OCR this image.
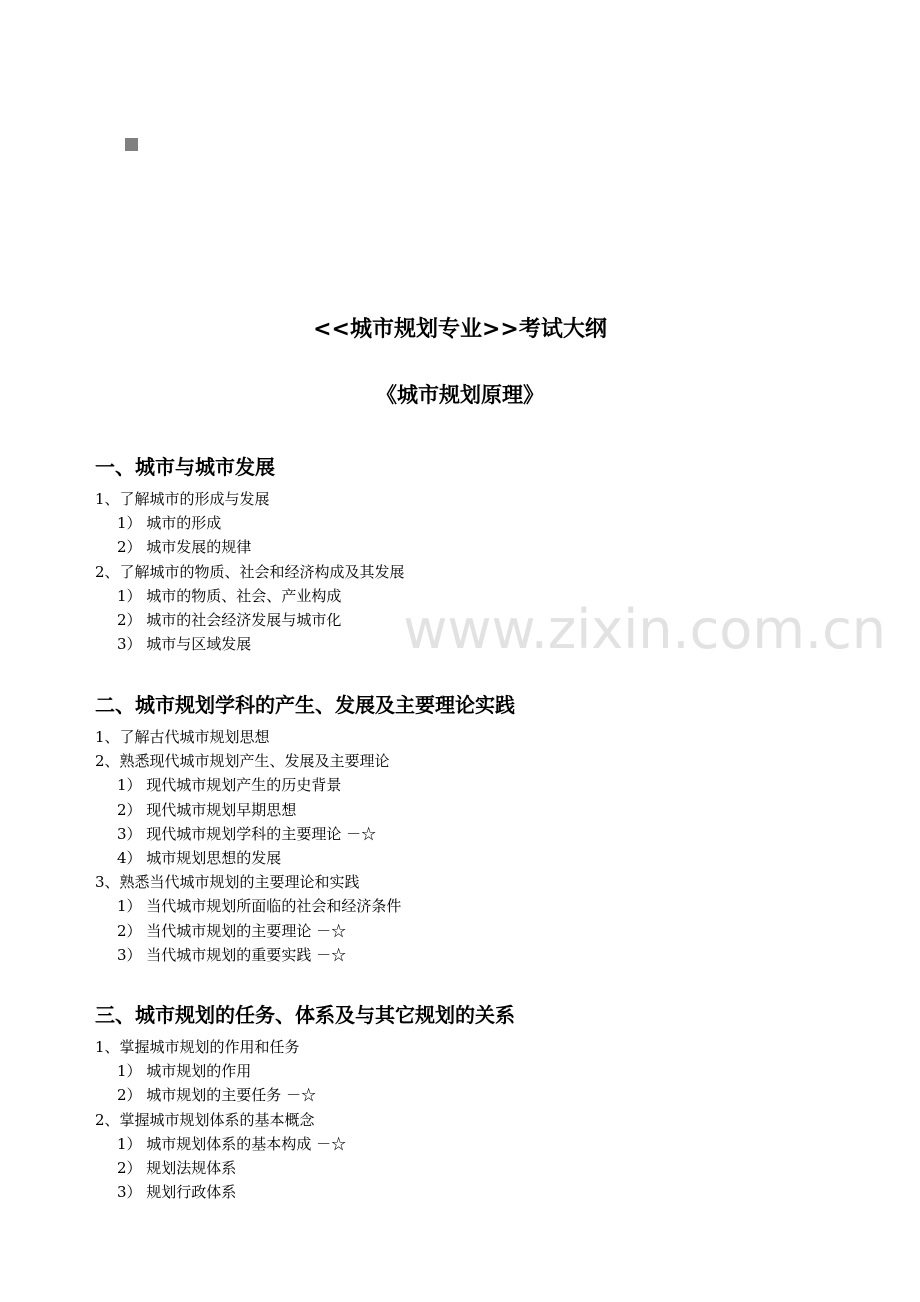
www.zixin.com.cn
<<城市规划专业>>考试大纲
《城市规划原理》
一、城市与城市发展
1、了解城市的形成与发展
1） 城市的形成
2） 城市发展的规律
2、了解城市的物质、社会和经济构成及其发展
1） 城市的物质、社会、产业构成
2） 城市的社会经济发展与城市化
3） 城市与区域发展
二、城市规划学科的产生、发展及主要理论实践
1、了解古代城市规划思想
2、熟悉现代城市规划产生、发展及主要理论
1） 现代城市规划产生的历史背景
2） 现代城市规划早期思想
3） 现代城市规划学科的主要理论 －☆
4） 城市规划思想的发展
3、熟悉当代城市规划的主要理论和实践
1） 当代城市规划所面临的社会和经济条件
2） 当代城市规划的主要理论 －☆
3） 当代城市规划的重要实践 －☆
三、城市规划的任务、体系及与其它规划的关系
1、掌握城市规划的作用和任务
1） 城市规划的作用
2） 城市规划的主要任务 －☆
2、掌握城市规划体系的基本概念
1） 城市规划体系的基本构成 －☆
2） 规划法规体系
3） 规划行政体系
